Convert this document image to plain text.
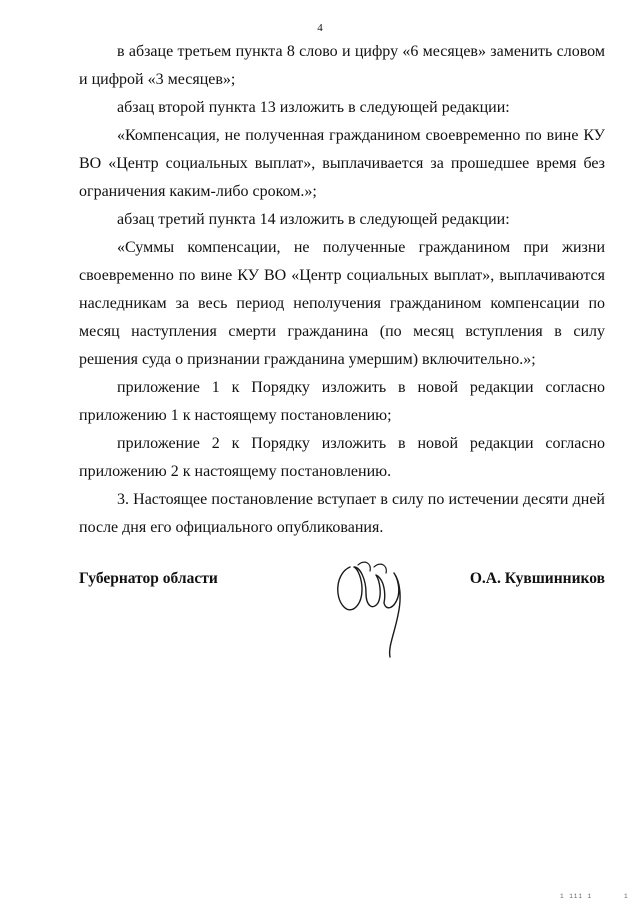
4

в абзаце третьем пункта 8 слово и цифру «6 месяцев» заменить словом и цифрой «3 месяцев»;

абзац второй пункта 13 изложить в следующей редакции:

«Компенсация, не полученная гражданином своевременно по вине КУ ВО «Центр социальных выплат», выплачивается за прошедшее время без ограничения каким-либо сроком.»;

абзац третий пункта 14 изложить в следующей редакции:

«Суммы компенсации, не полученные гражданином при жизни своевременно по вине КУ ВО «Центр социальных выплат», выплачиваются наследникам за весь период неполучения гражданином компенсации по месяц наступления смерти гражданина (по месяц вступления в силу решения суда о признании гражданина умершим) включительно.»;

приложение 1 к Порядку изложить в новой редакции согласно приложению 1 к настоящему постановлению;

приложение 2 к Порядку изложить в новой редакции согласно приложению 2 к настоящему постановлению.

3. Настоящее постановление вступает в силу по истечении десяти дней после дня его официального опубликования.

Губернатор области	О.А. Кувшинников
1 111 1	1
